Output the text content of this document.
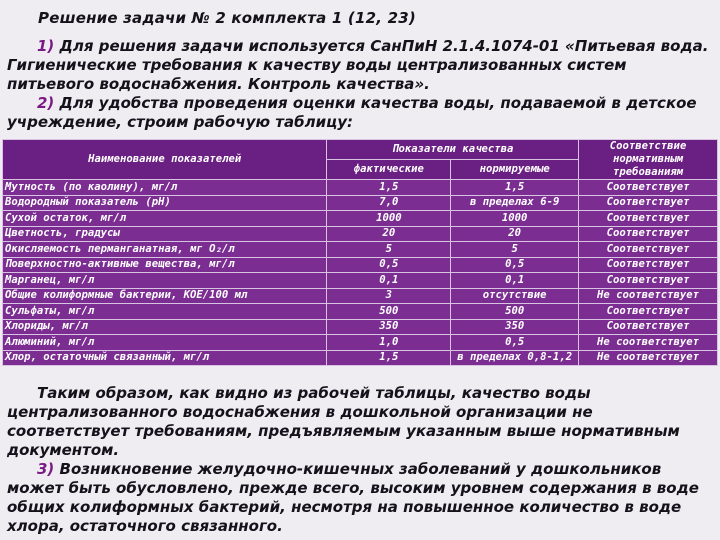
Решение задачи № 2 комплекта 1 (12, 23)
1) Для решения задачи используется СанПиН 2.1.4.1074-01 «Питьевая вода. Гигиенические требования к качеству воды централизованных систем питьевого водоснабжения. Контроль качества».
2) Для удобства проведения оценки качества воды, подаваемой в детское учреждение, строим рабочую таблицу:
Наименование показателей	Показатели качества		Соответствие нормативным требованиям
	фактические	нормируемые	
Мутность (по каолину), мг/л	1,5	1,5	Соответствует
Водородный показатель (pH)	7,0	в пределах 6-9	Соответствует
Сухой остаток, мг/л	1000	1000	Соответствует
Цветность, градусы	20	20	Соответствует
Окисляемость перманганатная, мг О₂/л	5	5	Соответствует
Поверхностно-активные вещества, мг/л	0,5	0,5	Соответствует
Марганец, мг/л	0,1	0,1	Соответствует
Общие колиформные бактерии, КОЕ/100 мл	3	отсутствие	Не соответствует
Сульфаты, мг/л	500	500	Соответствует
Хлориды, мг/л	350	350	Соответствует
Алюминий, мг/л	1,0	0,5	Не соответствует
Хлор, остаточный связанный, мг/л	1,5	в пределах 0,8-1,2	Не соответствует
Таким образом, как видно из рабочей таблицы, качество воды централизованного водоснабжения в дошкольной организации не соответствует требованиям, предъявляемым указанным выше нормативным документом.
3) Возникновение желудочно-кишечных заболеваний у дошкольников может быть обусловлено, прежде всего, высоким уровнем содержания в воде общих колиформных бактерий, несмотря на повышенное количество в воде хлора, остаточного связанного.
